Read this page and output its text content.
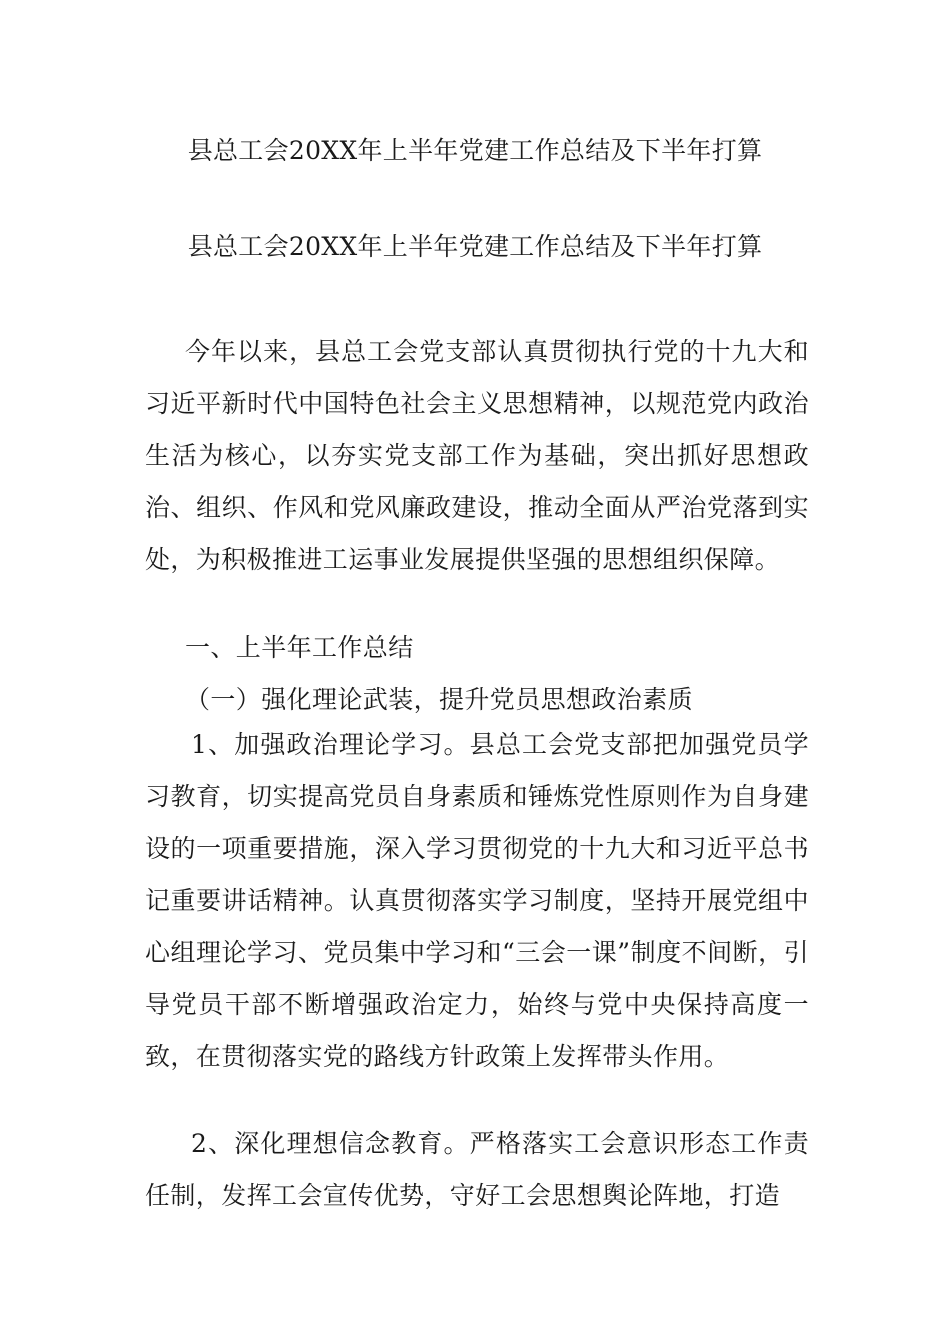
县总工会20XX年上半年党建工作总结及下半年打算
县总工会20XX年上半年党建工作总结及下半年打算

今年以来，县总工会党支部认真贯彻执行党的十九大和习近平新时代中国特色社会主义思想精神，以规范党内政治生活为核心，以夯实党支部工作为基础，突出抓好思想政治、组织、作风和党风廉政建设，推动全面从严治党落到实处，为积极推进工运事业发展提供坚强的思想组织保障。

一、上半年工作总结

（一）强化理论武装，提升党员思想政治素质

1、加强政治理论学习。县总工会党支部把加强党员学习教育，切实提高党员自身素质和锤炼党性原则作为自身建设的一项重要措施，深入学习贯彻党的十九大和习近平总书记重要讲话精神。认真贯彻落实学习制度，坚持开展党组中心组理论学习、党员集中学习和“三会一课”制度不间断，引导党员干部不断增强政治定力，始终与党中央保持高度一致，在贯彻落实党的路线方针政策上发挥带头作用。

2、深化理想信念教育。严格落实工会意识形态工作责任制，发挥工会宣传优势，守好工会思想舆论阵地，打造
